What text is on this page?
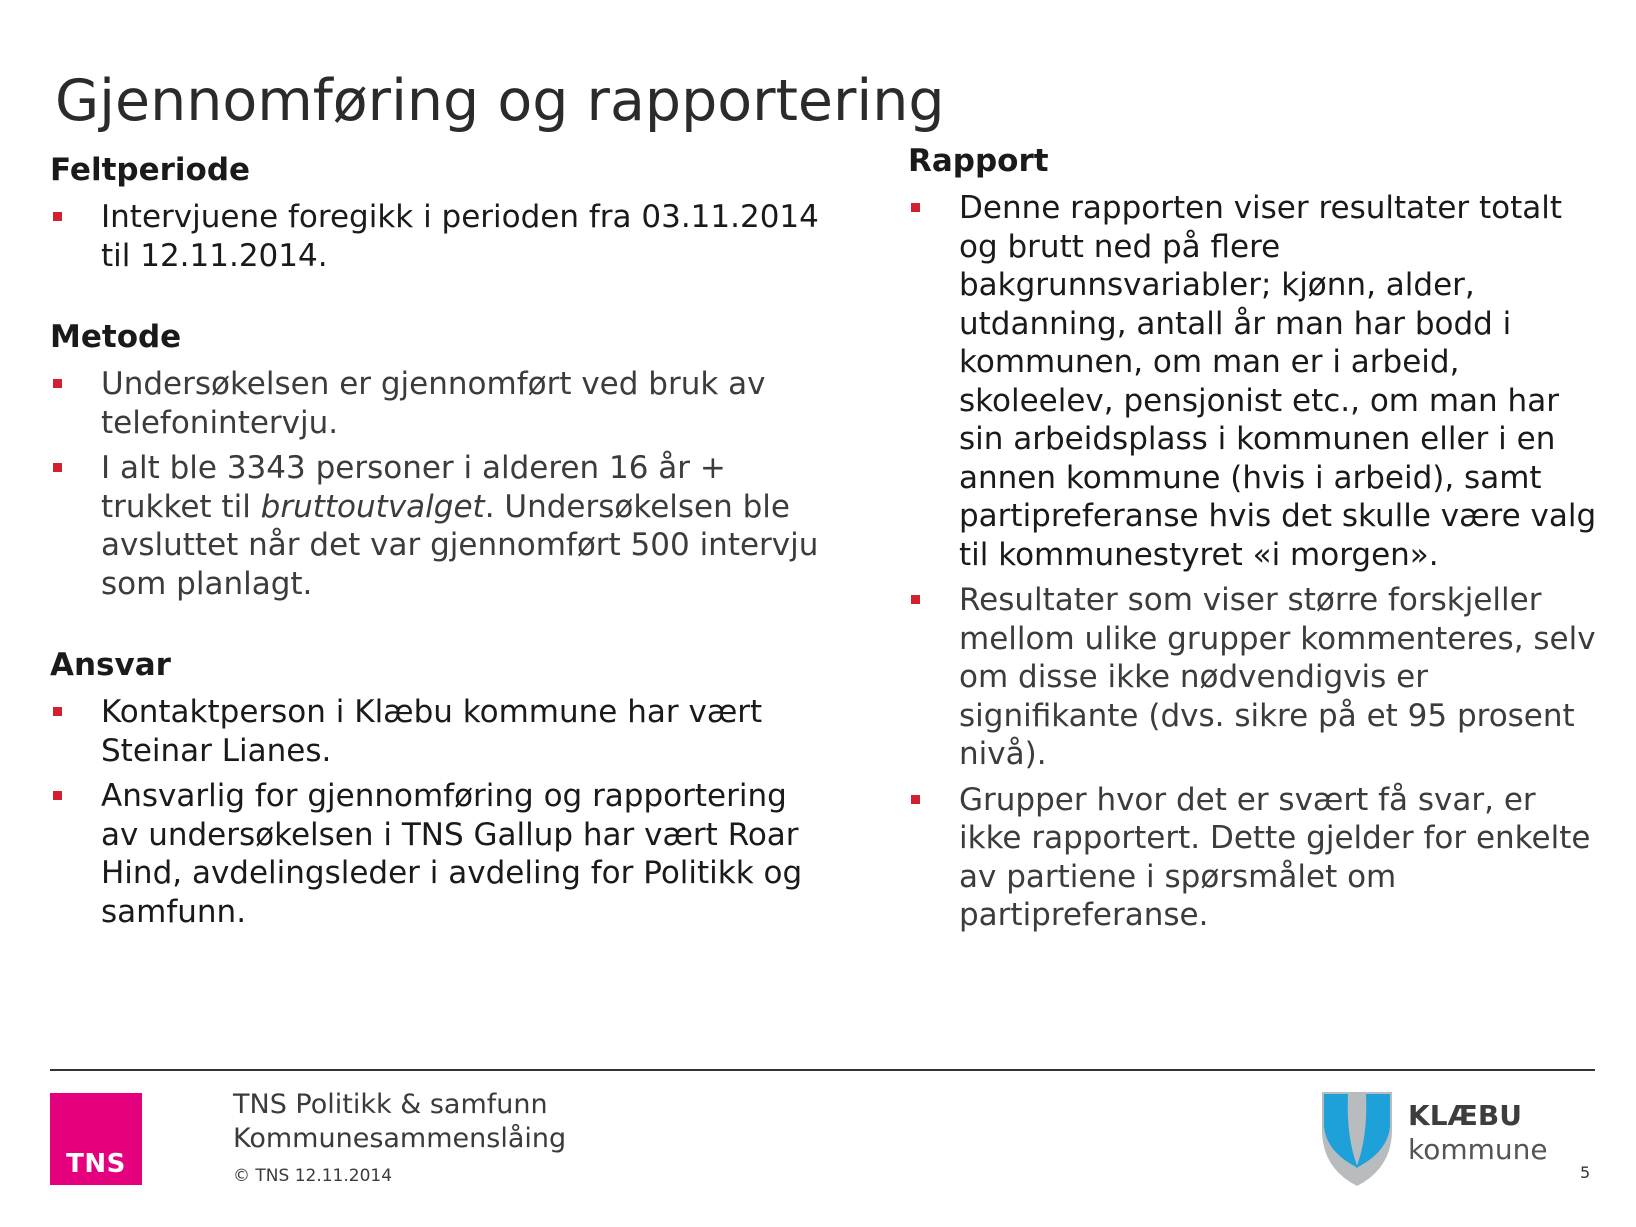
Gjennomføring og rapportering
Feltperiode
Intervjuene foregikk i perioden fra 03.11.2014 til 12.11.2014.
Metode
Undersøkelsen er gjennomført ved bruk av telefonintervju.
I alt ble 3343 personer i alderen 16 år + trukket til bruttoutvalget. Undersøkelsen ble avsluttet når det var gjennomført 500 intervju som planlagt.
Ansvar
Kontaktperson i Klæbu kommune har vært Steinar Lianes.
Ansvarlig for gjennomføring og rapportering av undersøkelsen i TNS Gallup har vært Roar Hind, avdelingsleder i avdeling for Politikk og samfunn.
Rapport
Denne rapporten viser resultater totalt og brutt ned på flere bakgrunnsvariabler; kjønn, alder, utdanning, antall år man har bodd i kommunen, om man er i arbeid, skoleelev, pensjonist etc., om man har sin arbeidsplass i kommunen eller i en annen kommune (hvis i arbeid), samt partipreferanse hvis det skulle være valg til kommunestyret «i morgen».
Resultater som viser større forskjeller mellom ulike grupper kommenteres, selv om disse ikke nødvendigvis er signifikante (dvs. sikre på et 95 prosent nivå).
Grupper hvor det er svært få svar, er ikke rapportert. Dette gjelder for enkelte av partiene i spørsmålet om partipreferanse.
TNS
TNS Politikk & samfunn
Kommunesammenslåing
© TNS 12.11.2014
KLÆBU
kommune
5
